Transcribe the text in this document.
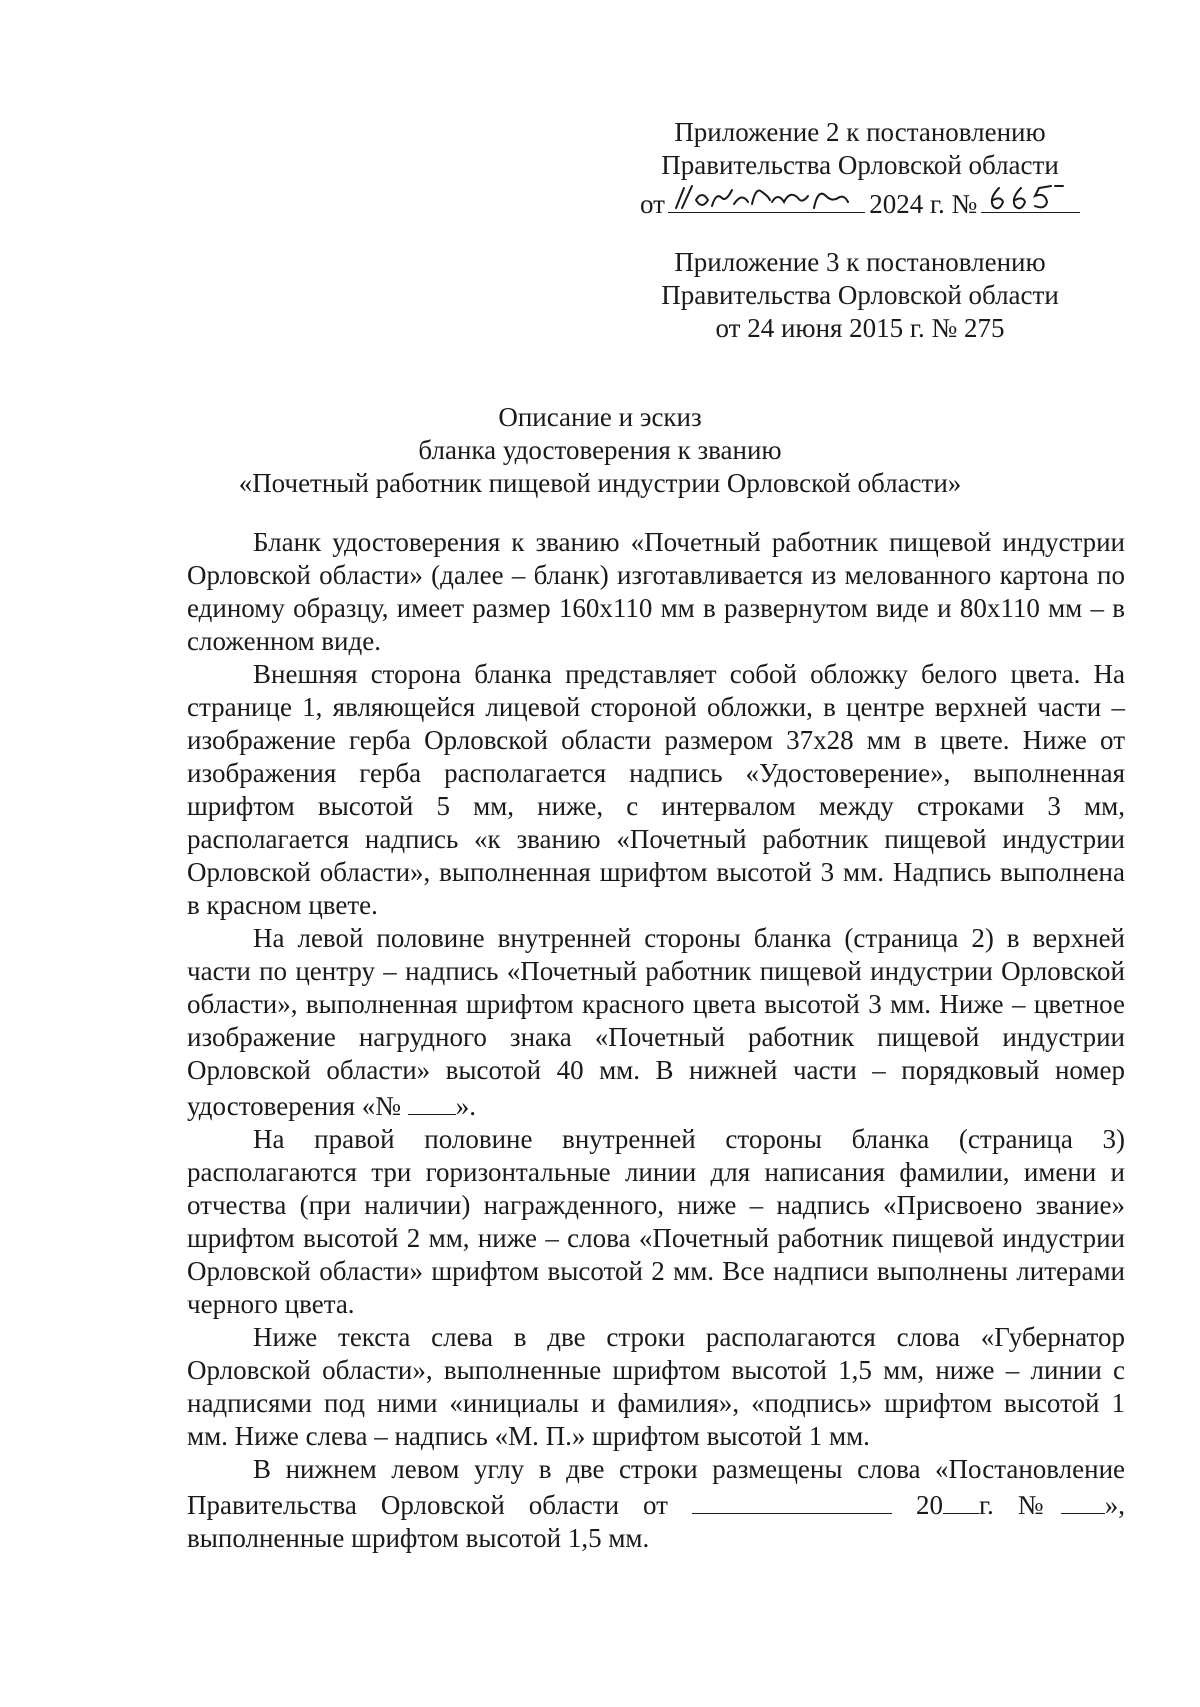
Приложение 2 к постановлению
Правительства Орловской области
от	2024 г. №
Приложение 3 к постановлению
Правительства Орловской области
от 24 июня 2015 г. № 275
Описание и эскиз
бланка удостоверения к званию
«Почетный работник пищевой индустрии Орловской области»

Бланк удостоверения к званию «Почетный работник пищевой индустрии Орловской области» (далее – бланк) изготавливается из мелованного картона по единому образцу, имеет размер 160x110 мм в развернутом виде и 80x110 мм – в сложенном виде.

Внешняя сторона бланка представляет собой обложку белого цвета. На странице 1, являющейся лицевой стороной обложки, в центре верхней части – изображение герба Орловской области размером 37x28 мм в цвете. Ниже от изображения герба располагается надпись «Удостоверение», выполненная шрифтом высотой 5 мм, ниже, с интервалом между строками 3 мм, располагается надпись «к званию «Почетный работник пищевой индустрии Орловской области», выполненная шрифтом высотой 3 мм. Надпись выполнена в красном цвете.

На левой половине внутренней стороны бланка (страница 2) в верхней части по центру – надпись «Почетный работник пищевой индустрии Орловской области», выполненная шрифтом красного цвета высотой 3 мм. Ниже – цветное изображение нагрудного знака «Почетный работник пищевой индустрии Орловской области» высотой 40 мм. В нижней части – порядковый номер удостоверения «№ ».

На правой половине внутренней стороны бланка (страница 3) располагаются три горизонтальные линии для написания фамилии, имени и отчества (при наличии) награжденного, ниже – надпись «Присвоено звание» шрифтом высотой 2 мм, ниже – слова «Почетный работник пищевой индустрии Орловской области» шрифтом высотой 2 мм. Все надписи выполнены литерами черного цвета.

Ниже текста слева в две строки располагаются слова «Губернатор Орловской области», выполненные шрифтом высотой 1,5 мм, ниже – линии с надписями под ними «инициалы и фамилия», «подпись» шрифтом высотой 1 мм. Ниже слева – надпись «М. П.» шрифтом высотой 1 мм.

В нижнем левом углу в две строки размещены слова «Постановление Правительства Орловской области от	20 г. № », выполненные шрифтом высотой 1,5 мм.
